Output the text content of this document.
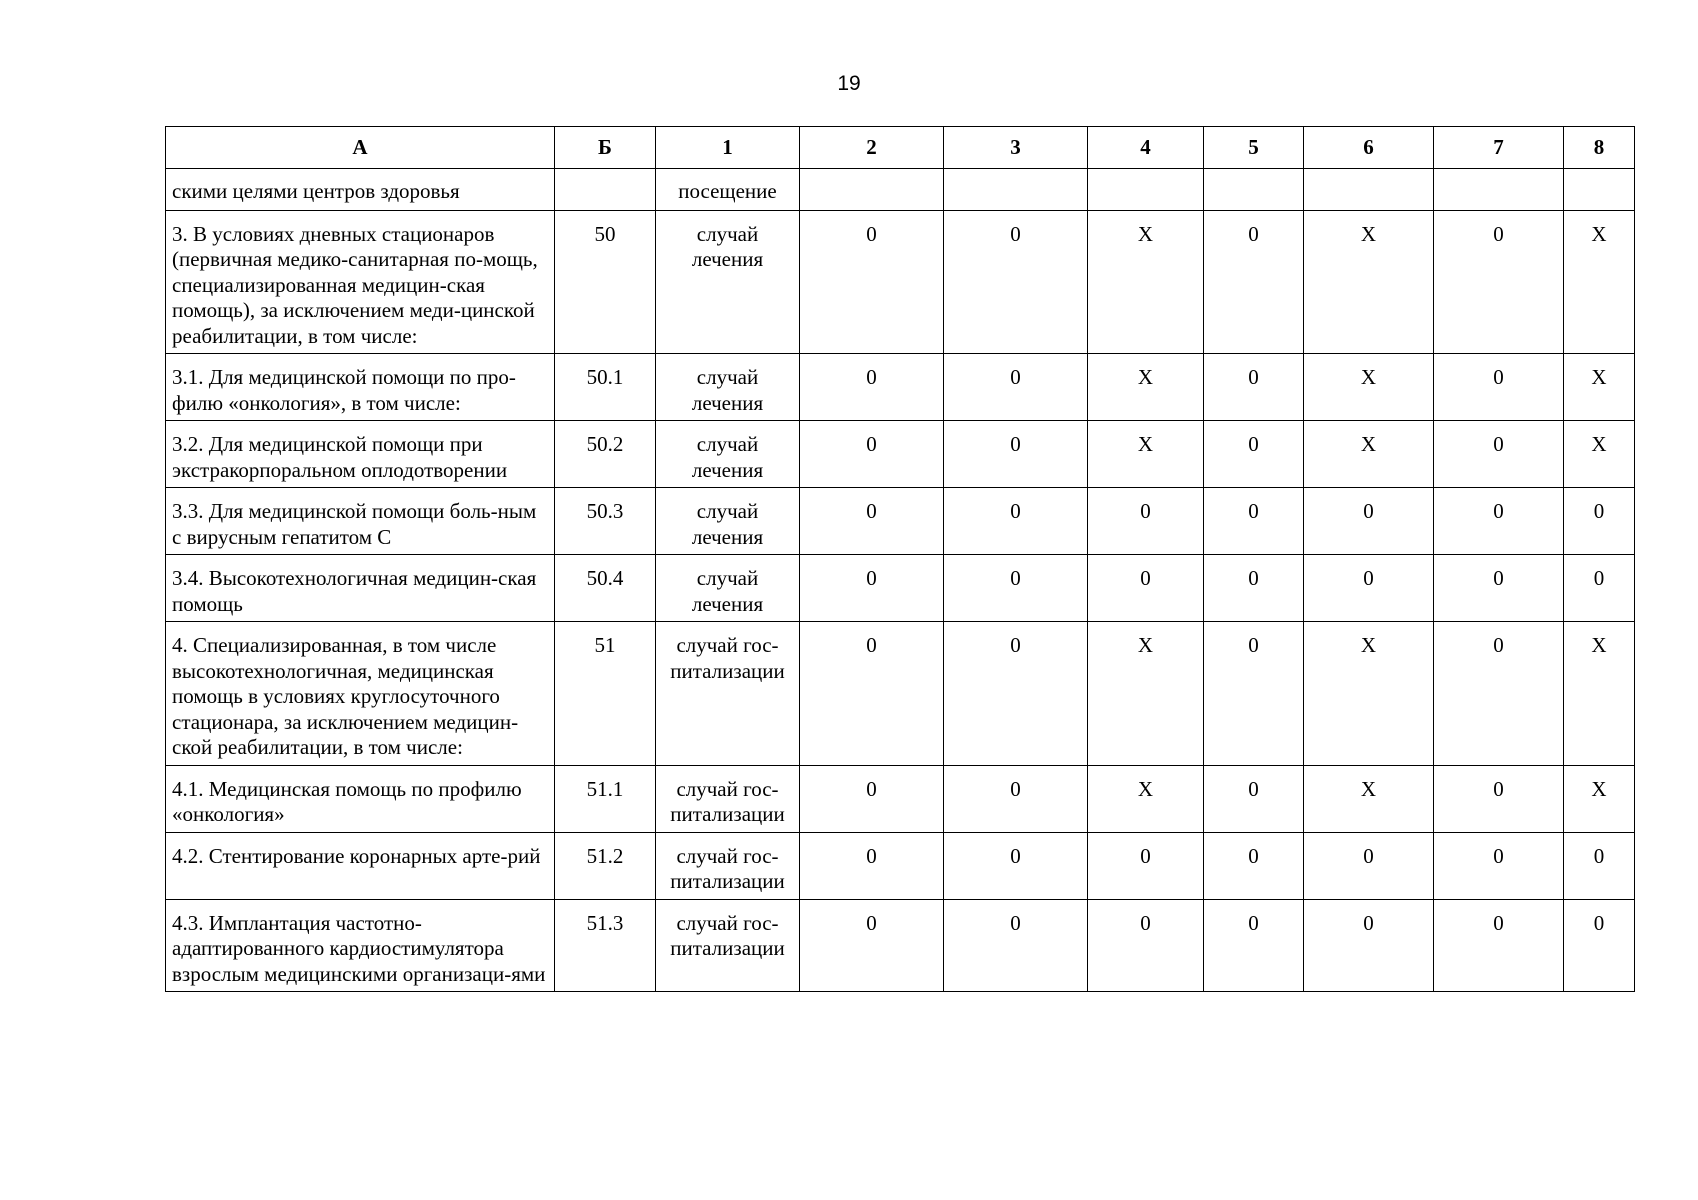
19
А	Б	1	2	3	4	5	6	7	8
скими целями центров здоровья		посещение							
3. В условиях дневных стационаров (первичная медико-санитарная по-мощь, специализированная медицин-ская помощь), за исключением меди-цинской реабилитации, в том числе:	50	случай лечения	0	0	X	0	X	0	X
3.1. Для медицинской помощи по про-филю «онкология», в том числе:	50.1	случай лечения	0	0	X	0	X	0	X
3.2. Для медицинской помощи при экстракорпоральном оплодотворении	50.2	случай лечения	0	0	X	0	X	0	X
3.3. Для медицинской помощи боль-ным с вирусным гепатитом С	50.3	случай лечения	0	0	0	0	0	0	0
3.4. Высокотехнологичная медицин-ская помощь	50.4	случай лечения	0	0	0	0	0	0	0
4. Специализированная, в том числе высокотехнологичная, медицинская помощь в условиях круглосуточного стационара, за исключением медицин-ской реабилитации, в том числе:	51	случай гос-питализации	0	0	X	0	X	0	X
4.1. Медицинская помощь по профилю «онкология»	51.1	случай гос-питализации	0	0	X	0	X	0	X
4.2. Стентирование коронарных арте-рий	51.2	случай гос-питализации	0	0	0	0	0	0	0
4.3. Имплантация частотно-адаптированного кардиостимулятора взрослым медицинскими организаци-ями	51.3	случай гос-питализации	0	0	0	0	0	0	0
